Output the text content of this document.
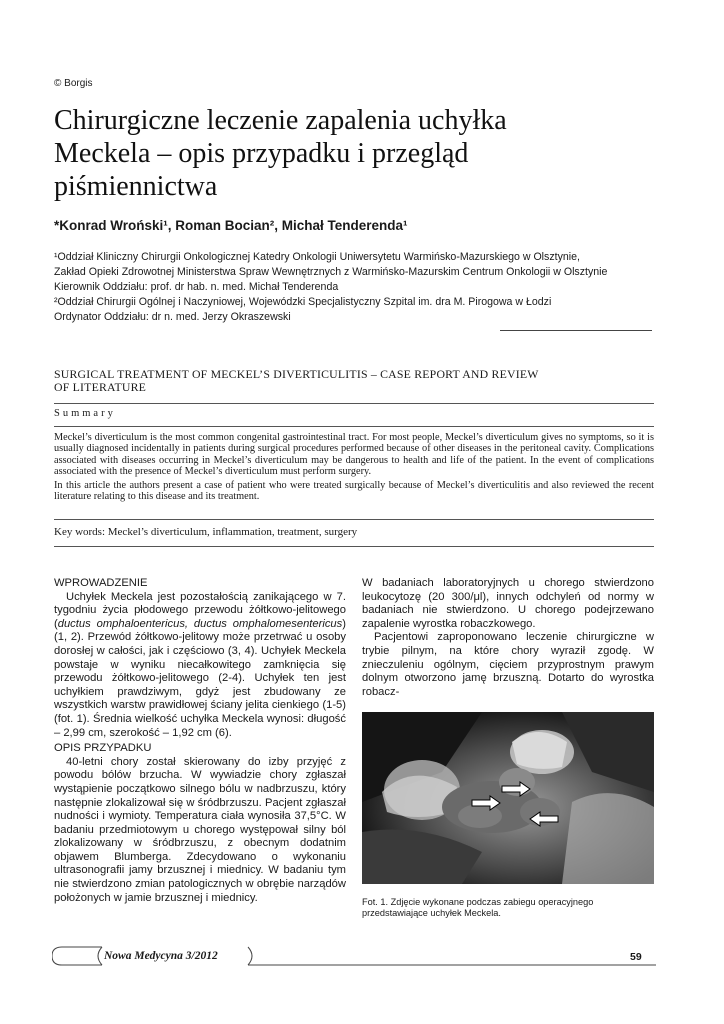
© Borgis
Chirurgiczne leczenie zapalenia uchyłka
Meckela – opis przypadku i przegląd
piśmiennictwa
*Konrad Wroński¹, Roman Bocian², Michał Tenderenda¹
¹Oddział Kliniczny Chirurgii Onkologicznej Katedry Onkologii Uniwersytetu Warmińsko-Mazurskiego w Olsztynie,
Zakład Opieki Zdrowotnej Ministerstwa Spraw Wewnętrznych z Warmińsko-Mazurskim Centrum Onkologii w Olsztynie
Kierownik Oddziału: prof. dr hab. n. med. Michał Tenderenda
²Oddział Chirurgii Ogólnej i Naczyniowej, Wojewódzki Specjalistyczny Szpital im. dra M. Pirogowa w Łodzi
Ordynator Oddziału: dr n. med. Jerzy Okraszewski
SURGICAL TREATMENT OF MECKEL’S DIVERTICULITIS – CASE REPORT AND REVIEW
OF LITERATURE
Summary

Meckel’s diverticulum is the most common congenital gastrointestinal tract. For most people, Meckel’s diverticulum gives no symptoms, so it is usually diagnosed incidentally in patients during surgical procedures performed because of other diseases in the peritoneal cavity. Complications associated with diseases occurring in Meckel’s diverticulum may be dangerous to health and life of the patient. In the event of complications associated with the presence of Meckel’s diverticulum must perform surgery.

In this article the authors present a case of patient who were treated surgically because of Meckel’s diverticulitis and also reviewed the recent literature relating to this disease and its treatment.

Key words: Meckel’s diverticulum, inflammation, treatment, surgery
WPROWADZENIE

Uchyłek Meckela jest pozostałością zanikającego w 7. tygodniu życia płodowego przewodu żółtkowo-jelitowego (ductus omphaloentericus, ductus omphalomesentericus) (1, 2). Przewód żółtkowo-jelitowy może przetrwać u osoby dorosłej w całości, jak i częściowo (3, 4). Uchyłek Meckela powstaje w wyniku niecałkowitego zamknięcia się przewodu żółtkowo-jelitowego (2-4). Uchyłek ten jest uchyłkiem prawdziwym, gdyż jest zbudowany ze wszystkich warstw prawidłowej ściany jelita cienkiego (1-5) (fot. 1). Średnia wielkość uchyłka Meckela wynosi: długość – 2,99 cm, szerokość – 1,92 cm (6).

OPIS PRZYPADKU

40-letni chory został skierowany do izby przyjęć z powodu bólów brzucha. W wywiadzie chory zgłaszał wystąpienie początkowo silnego bólu w nadbrzuszu, który następnie zlokalizował się w śródbrzuszu. Pacjent zgłaszał nudności i wymioty. Temperatura ciała wynosiła 37,5°C. W badaniu przedmiotowym u chorego występował silny ból zlokalizowany w śródbrzuszu, z obecnym dodatnim objawem Blumberga. Zdecydowano o wykonaniu ultrasonografii jamy brzusznej i miednicy. W badaniu tym nie stwierdzono zmian patologicznych w obrębie narządów położonych w jamie brzusznej i miednicy.

W badaniach laboratoryjnych u chorego stwierdzono leukocytozę (20 300/μl), innych odchyleń od normy w badaniach nie stwierdzono. U chorego podejrzewano zapalenie wyrostka robaczkowego.

Pacjentowi zaproponowano leczenie chirurgiczne w trybie pilnym, na które chory wyraził zgodę. W znieczuleniu ogólnym, cięciem przyprostnym prawym dolnym otworzono jamę brzuszną. Dotarto do wyrostka robacz-

Fot. 1. Zdjęcie wykonane podczas zabiegu operacyjnego przedstawiające uchyłek Meckela.
Nowa Medycyna 3/2012	59
